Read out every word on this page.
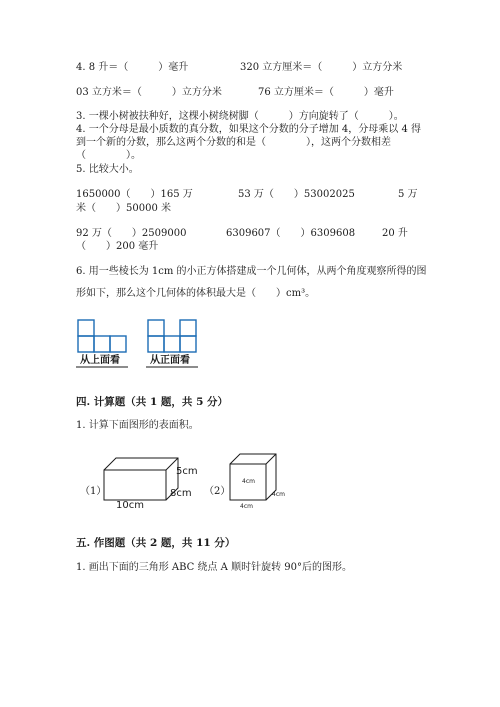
4. 8 升＝（　　　）毫升	320 立方厘米＝（　　　）立方分米
03 立方米＝（　　　）立方分米	76 立方厘米＝（　　　）毫升
3. 一棵小树被扶种好，这棵小树绕树脚（　　　）方向旋转了（　　　）。
4. 一个分母是最小质数的真分数，如果这个分数的分子增加 4，分母乘以 4 得
到一个新的分数，那么这两个分数的和是（　　　　），这两个分数相差
（　　　　）。
5. 比较大小。
1650000（　　）165 万	53 万（　　）53002025	5 万
米（　　）50000 米
92 万（　　）2509000	6309607（　　）6309608	20 升
（　　）200 毫升
6. 用一些棱长为 1cm 的小正方体搭建成一个几何体，从两个角度观察所得的图
形如下，那么这个几何体的体积最大是（　　）cm³。
从上面看	从正面看
四. 计算题（共 1 题，共 5 分）
1. 计算下面图形的表面积。
（1）
5cm
8cm
10cm
（2）
4cm
4cm
4cm
五. 作图题（共 2 题，共 11 分）
1. 画出下面的三角形 ABC 绕点 A 顺时针旋转 90°后的图形。
